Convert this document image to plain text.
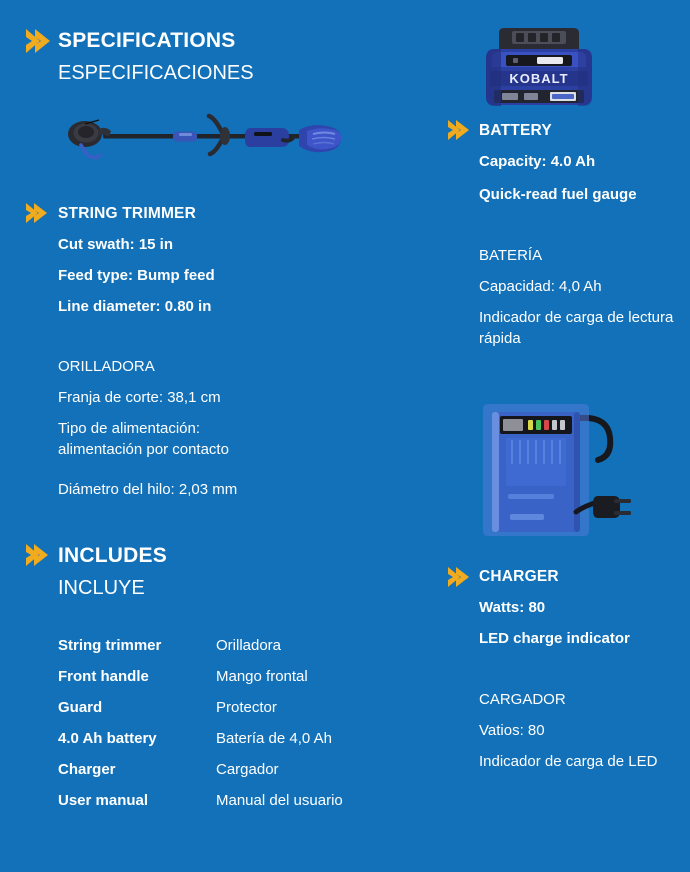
SPECIFICATIONS
ESPECIFICACIONES
STRING TRIMMER
Cut swath: 15 in
Feed type: Bump feed
Line diameter: 0.80 in
ORILLADORA
Franja de corte: 38,1 cm
Tipo de alimentación: alimentación por contacto
Diámetro del hilo: 2,03 mm
INCLUDES
INCLUYE
String trimmer	Orilladora
Front handle	Mango frontal
Guard	Protector
4.0 Ah battery	Batería de 4,0 Ah
Charger	Cargador
User manual	Manual del usuario
KOBALT
BATTERY
Capacity: 4.0 Ah
Quick-read fuel gauge
BATERÍA
Capacidad: 4,0 Ah
Indicador de carga de lectura rápida
CHARGER
Watts: 80
LED charge indicator
CARGADOR
Vatios: 80
Indicador de carga de LED
